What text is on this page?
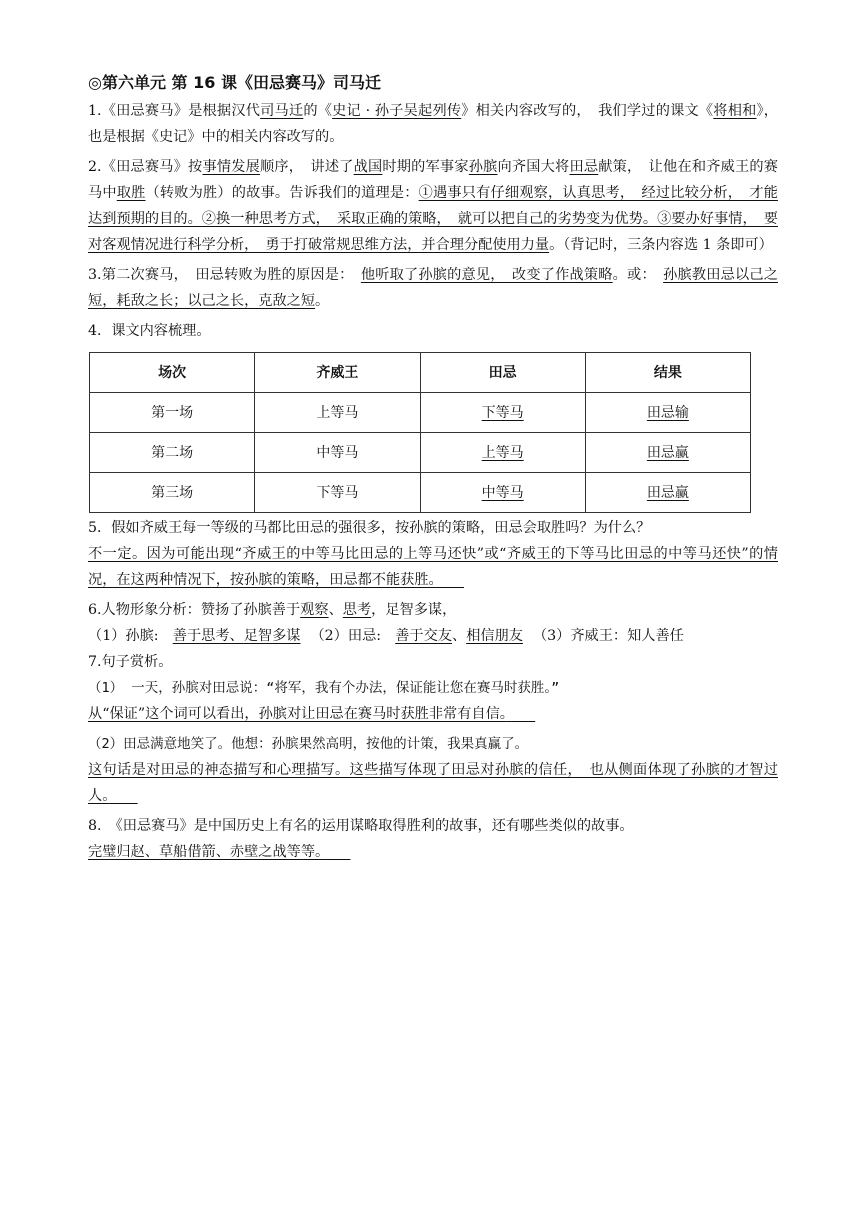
◎第六单元 第 16 课《田忌赛马》司马迁

1.《田忌赛马》是根据汉代司马迁的《史记 · 孙子吴起列传》相关内容改写的，　我们学过的课文《将相和》，也是根据《史记》中的相关内容改写的。

2.《田忌赛马》按事情发展顺序，　讲述了战国时期的军事家孙膑向齐国大将田忌献策，　让他在和齐威王的赛马中取胜（转败为胜）的故事。告诉我们的道理是：①遇事只有仔细观察，认真思考，　经过比较分析，　才能达到预期的目的。②换一种思考方式，　采取正确的策略，　就可以把自己的劣势变为优势。③要办好事情，　要对客观情况进行科学分析，　勇于打破常规思维方法，并合理分配使用力量。（背记时，三条内容选 1 条即可）

3.第二次赛马，　田忌转败为胜的原因是：　他听取了孙膑的意见，　改变了作战策略。或：　孙膑教田忌以己之短，耗敌之长；以己之长，克敌之短。

4．课文内容梳理。

场次	齐威王	田忌	结果
第一场	上等马	下等马	田忌输
第二场	中等马	上等马	田忌赢
第三场	下等马	中等马	田忌赢

5．假如齐威王每一等级的马都比田忌的强很多，按孙膑的策略，田忌会取胜吗？为什么？

不一定。因为可能出现“齐威王的中等马比田忌的上等马还快”或“齐威王的下等马比田忌的中等马还快”的情况，在这两种情况下，按孙膑的策略，田忌都不能获胜。　　

6.人物形象分析：赞扬了孙膑善于观察、思考，足智多谋，

（1）孙膑:　善于思考、足智多谋 （2）田忌:　善于交友、相信朋友 （3）齐威王：知人善任

7.句子赏析。

（1） 一天，孙膑对田忌说：“将军，我有个办法，保证能让您在赛马时获胜。”

从“保证”这个词可以看出，孙膑对让田忌在赛马时获胜非常有自信。　　

（2）田忌满意地笑了。他想：孙膑果然高明，按他的计策，我果真赢了。

这句话是对田忌的神态描写和心理描写。这些描写体现了田忌对孙膑的信任，　也从侧面体现了孙膑的才智过人。　　

8.　《田忌赛马》是中国历史上有名的运用谋略取得胜利的故事，还有哪些类似的故事。

完璧归赵、草船借箭、赤壁之战等等。　　
